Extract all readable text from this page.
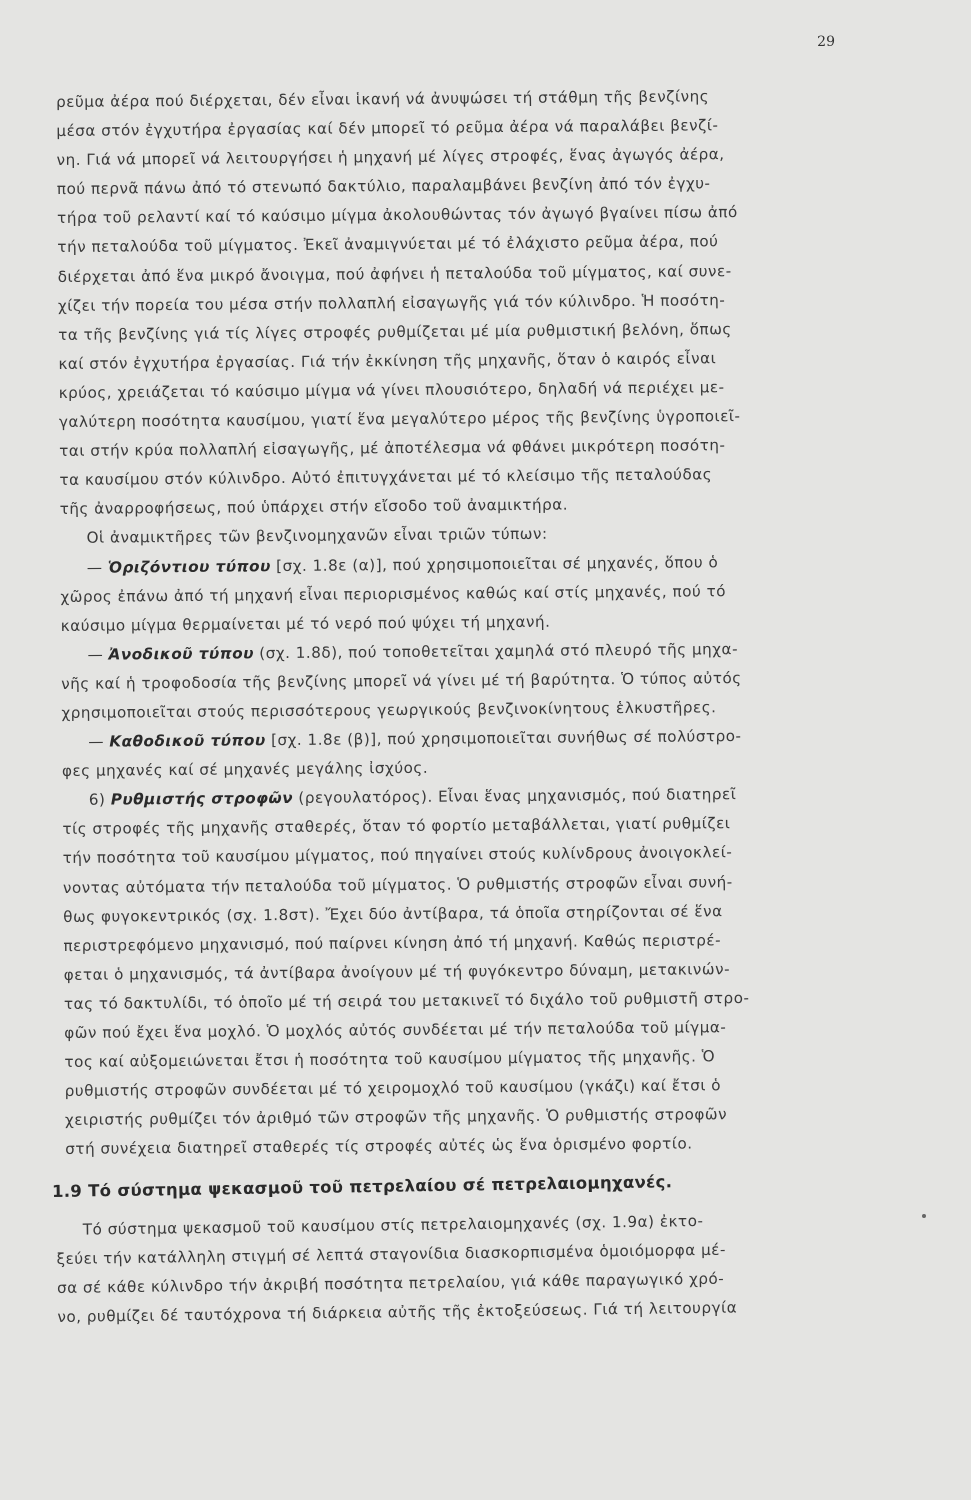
29
ρεῦμα ἀέρα πού διέρχεται, δέν εἶναι ἱκανή νά ἀνυψώσει τή στάθμη τῆς βενζίνης
μέσα στόν ἐγχυτήρα ἐργασίας καί δέν μπορεῖ τό ρεῦμα ἀέρα νά παραλάβει βενζί-
νη. Γιά νά μπορεῖ νά λειτουργήσει ἡ μηχανή μέ λίγες στροφές, ἕνας ἀγωγός ἀέρα,
πού περνᾶ πάνω ἀπό τό στενωπό δακτύλιο, παραλαμβάνει βενζίνη ἀπό τόν ἐγχυ-
τήρα τοῦ ρελαντί καί τό καύσιμο μίγμα ἀκολουθώντας τόν ἀγωγό βγαίνει πίσω ἀπό
τήν πεταλούδα τοῦ μίγματος. Ἐκεῖ ἀναμιγνύεται μέ τό ἐλάχιστο ρεῦμα ἀέρα, πού
διέρχεται ἀπό ἕνα μικρό ἄνοιγμα, πού ἀφήνει ἡ πεταλούδα τοῦ μίγματος, καί συνε-
χίζει τήν πορεία του μέσα στήν πολλαπλή εἰσαγωγῆς γιά τόν κύλινδρο. Ἡ ποσότη-
τα τῆς βενζίνης γιά τίς λίγες στροφές ρυθμίζεται μέ μία ρυθμιστική βελόνη, ὅπως
καί στόν ἐγχυτήρα ἐργασίας. Γιά τήν ἐκκίνηση τῆς μηχανῆς, ὅταν ὁ καιρός εἶναι
κρύος, χρειάζεται τό καύσιμο μίγμα νά γίνει πλουσιότερο, δηλαδή νά περιέχει με-
γαλύτερη ποσότητα καυσίμου, γιατί ἕνα μεγαλύτερο μέρος τῆς βενζίνης ὑγροποιεῖ-
ται στήν κρύα πολλαπλή εἰσαγωγῆς, μέ ἀποτέλεσμα νά φθάνει μικρότερη ποσότη-
τα καυσίμου στόν κύλινδρο. Αὐτό ἐπιτυγχάνεται μέ τό κλείσιμο τῆς πεταλούδας
τῆς ἀναρροφήσεως, πού ὑπάρχει στήν εἴσοδο τοῦ ἀναμικτήρα.
Οἱ ἀναμικτῆρες τῶν βενζινομηχανῶν εἶναι τριῶν τύπων:
— Ὁριζόντιου τύπου [σχ. 1.8ε (α)], πού χρησιμοποιεῖται σέ μηχανές, ὅπου ὁ
χῶρος ἐπάνω ἀπό τή μηχανή εἶναι περιορισμένος καθώς καί στίς μηχανές, πού τό
καύσιμο μίγμα θερμαίνεται μέ τό νερό πού ψύχει τή μηχανή.
— Ἀνοδικοῦ τύπου (σχ. 1.8δ), πού τοποθετεῖται χαμηλά στό πλευρό τῆς μηχα-
νῆς καί ἡ τροφοδοσία τῆς βενζίνης μπορεῖ νά γίνει μέ τή βαρύτητα. Ὁ τύπος αὐτός
χρησιμοποιεῖται στούς περισσότερους γεωργικούς βενζινοκίνητους ἑλκυστῆρες.
— Καθοδικοῦ τύπου [σχ. 1.8ε (β)], πού χρησιμοποιεῖται συνήθως σέ πολύστρο-
φες μηχανές καί σέ μηχανές μεγάλης ἰσχύος.
6) Ρυθμιστής στροφῶν (ρεγουλατόρος). Εἶναι ἕνας μηχανισμός, πού διατηρεῖ
τίς στροφές τῆς μηχανῆς σταθερές, ὅταν τό φορτίο μεταβάλλεται, γιατί ρυθμίζει
τήν ποσότητα τοῦ καυσίμου μίγματος, πού πηγαίνει στούς κυλίνδρους ἀνοιγοκλεί-
νοντας αὐτόματα τήν πεταλούδα τοῦ μίγματος. Ὁ ρυθμιστής στροφῶν εἶναι συνή-
θως φυγοκεντρικός (σχ. 1.8στ). Ἔχει δύο ἀντίβαρα, τά ὁποῖα στηρίζονται σέ ἕνα
περιστρεφόμενο μηχανισμό, πού παίρνει κίνηση ἀπό τή μηχανή. Καθώς περιστρέ-
φεται ὁ μηχανισμός, τά ἀντίβαρα ἀνοίγουν μέ τή φυγόκεντρο δύναμη, μετακινών-
τας τό δακτυλίδι, τό ὁποῖο μέ τή σειρά του μετακινεῖ τό διχάλο τοῦ ρυθμιστῆ στρο-
φῶν πού ἔχει ἕνα μοχλό. Ὁ μοχλός αὐτός συνδέεται μέ τήν πεταλούδα τοῦ μίγμα-
τος καί αὐξομειώνεται ἔτσι ἡ ποσότητα τοῦ καυσίμου μίγματος τῆς μηχανῆς. Ὁ
ρυθμιστής στροφῶν συνδέεται μέ τό χειρομοχλό τοῦ καυσίμου (γκάζι) καί ἔτσι ὁ
χειριστής ρυθμίζει τόν ἀριθμό τῶν στροφῶν τῆς μηχανῆς. Ὁ ρυθμιστής στροφῶν
στή συνέχεια διατηρεῖ σταθερές τίς στροφές αὐτές ὡς ἕνα ὁρισμένο φορτίο.
1.9 Τό σύστημα ψεκασμοῦ τοῦ πετρελαίου σέ πετρελαιομηχανές.
Τό σύστημα ψεκασμοῦ τοῦ καυσίμου στίς πετρελαιομηχανές (σχ. 1.9α) ἐκτο-
ξεύει τήν κατάλληλη στιγμή σέ λεπτά σταγονίδια διασκορπισμένα ὁμοιόμορφα μέ-
σα σέ κάθε κύλινδρο τήν ἀκριβή ποσότητα πετρελαίου, γιά κάθε παραγωγικό χρό-
νο, ρυθμίζει δέ ταυτόχρονα τή διάρκεια αὐτῆς τῆς ἐκτοξεύσεως. Γιά τή λειτουργία
